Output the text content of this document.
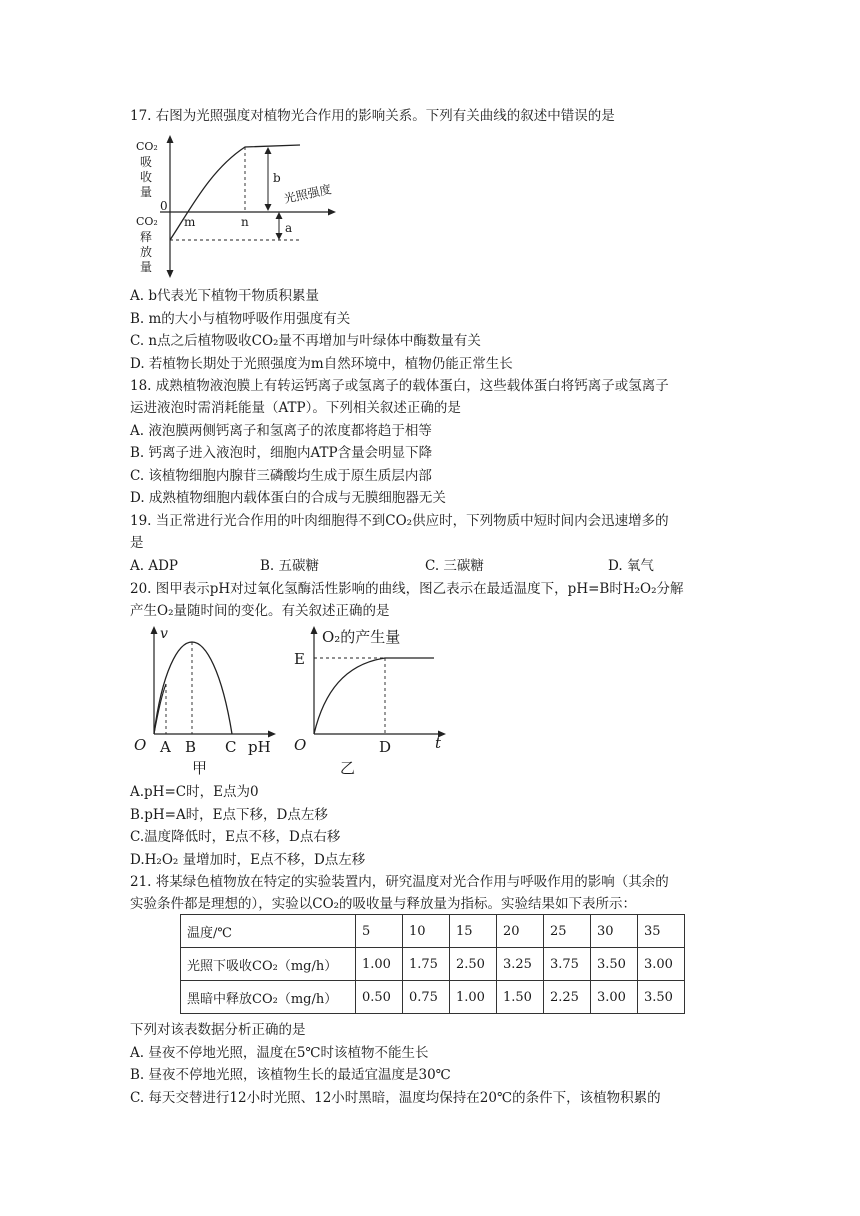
17. 右图为光照强度对植物光合作用的影响关系。下列有关曲线的叙述中错误的是
CO₂
吸
收
量
CO₂
释
放
量
0
m	n
b
a
光照强度
A. b代表光下植物干物质积累量
B. m的大小与植物呼吸作用强度有关
C. n点之后植物吸收CO₂量不再增加与叶绿体中酶数量有关
D. 若植物长期处于光照强度为m自然环境中，植物仍能正常生长
18. 成熟植物液泡膜上有转运钙离子或氢离子的载体蛋白，这些载体蛋白将钙离子或氢离子
运进液泡时需消耗能量（ATP）。下列相关叙述正确的是
A. 液泡膜两侧钙离子和氢离子的浓度都将趋于相等
B. 钙离子进入液泡时，细胞内ATP含量会明显下降
C. 该植物细胞内腺苷三磷酸均生成于原生质层内部
D. 成熟植物细胞内载体蛋白的合成与无膜细胞器无关
19. 当正常进行光合作用的叶肉细胞得不到CO₂供应时，下列物质中短时间内会迅速增多的
是
A. ADP	B. 五碳糖	C. 三碳糖	D. 氧气
20. 图甲表示pH对过氧化氢酶活性影响的曲线，图乙表示在最适温度下，pH=B时H₂O₂分解
产生O₂量随时间的变化。有关叙述正确的是
v
O A B C pH
甲
O₂的产生量
E
O	D	t
乙
A.pH=C时，E点为0
B.pH=A时，E点下移，D点左移
C.温度降低时，E点不移，D点右移
D.H₂O₂ 量增加时，E点不移，D点左移
21. 将某绿色植物放在特定的实验装置内，研究温度对光合作用与呼吸作用的影响（其余的
实验条件都是理想的），实验以CO₂的吸收量与释放量为指标。实验结果如下表所示：
温度/℃	5	10	15	20	25	30	35
光照下吸收CO₂（mg/h）	1.00	1.75	2.50	3.25	3.75	3.50	3.00
黑暗中释放CO₂（mg/h）	0.50	0.75	1.00	1.50	2.25	3.00	3.50
下列对该表数据分析正确的是
A. 昼夜不停地光照，温度在5℃时该植物不能生长
B. 昼夜不停地光照，该植物生长的最适宜温度是30℃
C. 每天交替进行12小时光照、12小时黑暗，温度均保持在20℃的条件下，该植物积累的
